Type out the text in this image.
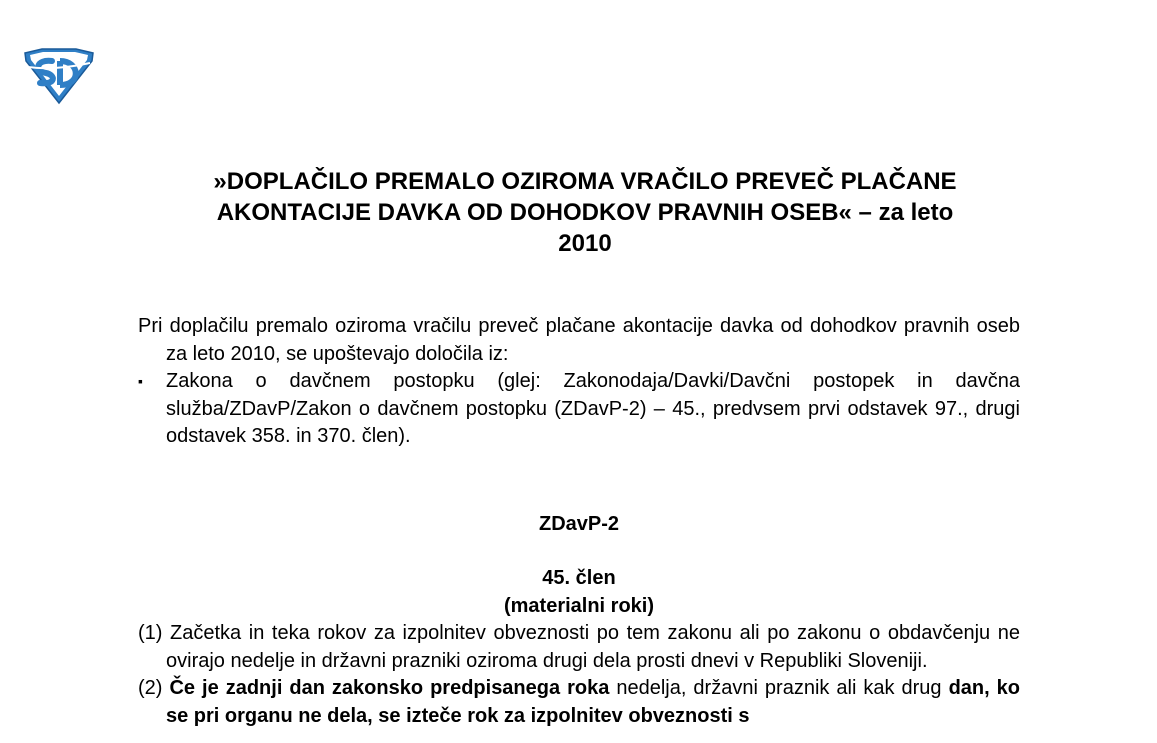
»DOPLAČILO PREMALO OZIROMA VRAČILO PREVEČ PLAČANE
AKONTACIJE DAVKA OD DOHODKOV PRAVNIH OSEB« – za leto
2010

Pri doplačilu premalo oziroma vračilu preveč plačane akontacije davka od dohodkov pravnih oseb za leto 2010, se upoštevajo določila iz:

▪	Zakona o davčnem postopku (glej: Zakonodaja/Davki/Davčni postopek in davčna služba/ZDavP/Zakon o davčnem postopku (ZDavP-2) – 45., predvsem prvi odstavek 97., drugi odstavek 358. in 370. člen).

ZDavP-2

45. člen

(materialni roki)

(1) Začetka in teka rokov za izpolnitev obveznosti po tem zakonu ali po zakonu o obdavčenju ne ovirajo nedelje in državni prazniki oziroma drugi dela prosti dnevi v Republiki Sloveniji.

(2) Če je zadnji dan zakonsko predpisanega roka nedelja, državni praznik ali kak drug dan, ko se pri organu ne dela, se izteče rok za izpolnitev obveznosti s
